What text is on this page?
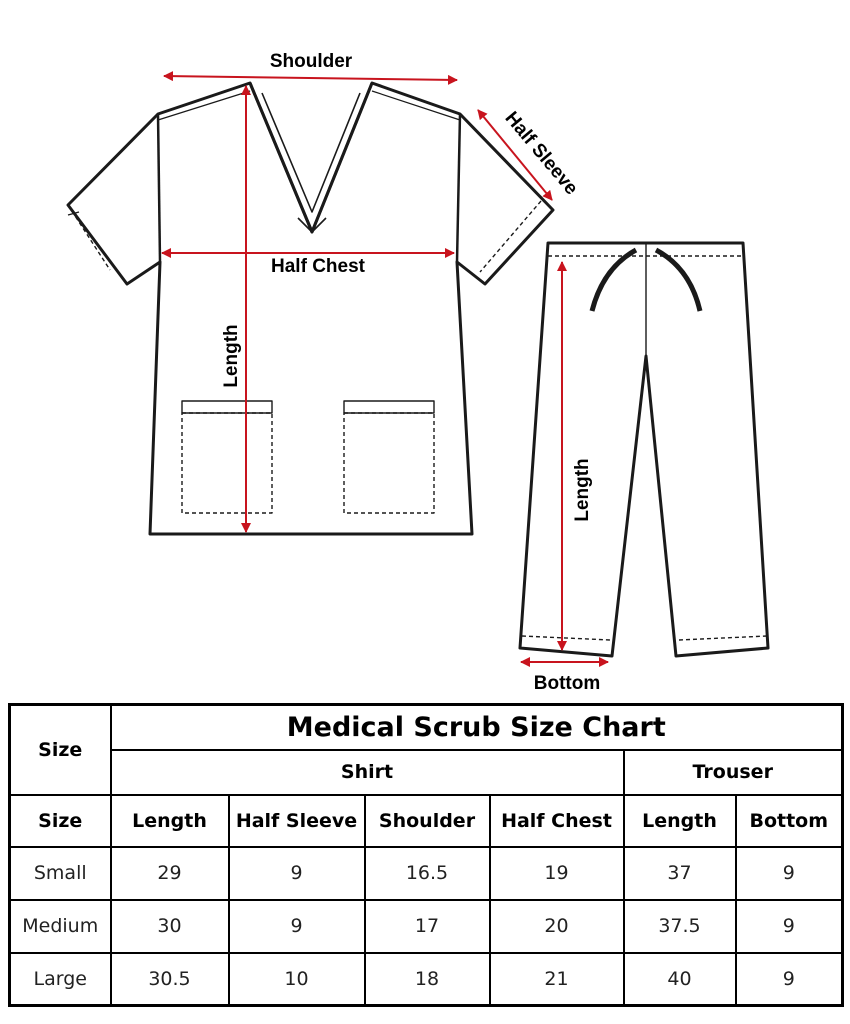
Shoulder
Half Sleeve
Half Chest
Length
Length
Bottom
Size	Medical Scrub Size Chart					
	Shirt				Trouser	
Size	Length	Half Sleeve	Shoulder	Half Chest	Length	Bottom
Small	29	9	16.5	19	37	9
Medium	30	9	17	20	37.5	9
Large	30.5	10	18	21	40	9
